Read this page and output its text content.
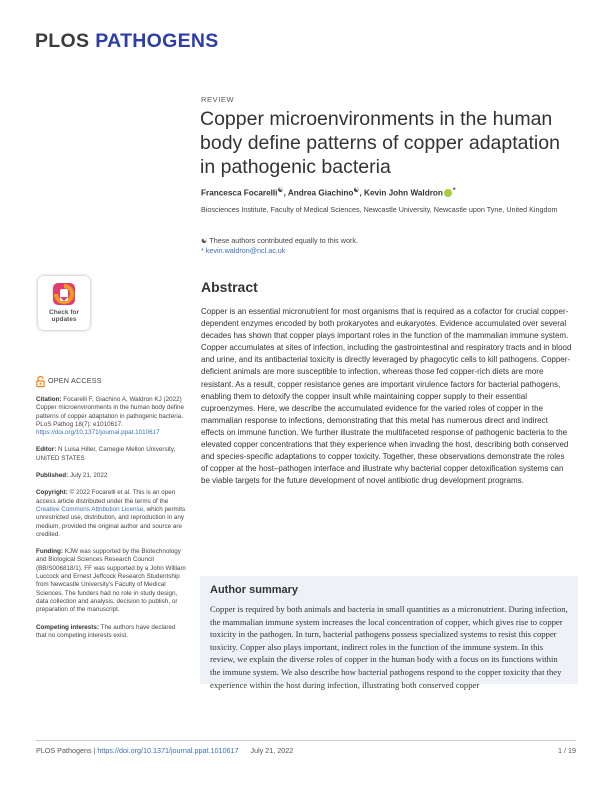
PLOS PATHOGENS
REVIEW
Copper microenvironments in the human body define patterns of copper adaptation in pathogenic bacteria
Francesca Focarelli☯, Andrea Giachino☯, Kevin John Waldron *
Biosciences Institute, Faculty of Medical Sciences, Newcastle University, Newcastle upon Tyne, United Kingdom
☯ These authors contributed equally to this work.
* kevin.waldron@ncl.ac.uk
Check for
updates
OPEN ACCESS
Citation: Focarelli F, Giachino A, Waldron KJ (2022) Copper microenvironments in the human body define patterns of copper adaptation in pathogenic bacteria. PLoS Pathog 18(7): e1010617. https://doi.org/10.1371/journal.ppat.1010617
Editor: N Luisa Hiller, Carnegie Mellon University, UNITED STATES
Published: July 21, 2022
Copyright: © 2022 Focarelli et al. This is an open access article distributed under the terms of the Creative Commons Attribution License, which permits unrestricted use, distribution, and reproduction in any medium, provided the original author and source are credited.
Funding: KJW was supported by the Biotechnology and Biological Sciences Research Council (BB/S006818/1). FF was supported by a John William Luccock and Ernest Jeffcock Research Studentship from Newcastle University's Faculty of Medical Sciences. The funders had no role in study design, data collection and analysis, decision to publish, or preparation of the manuscript.
Competing interests: The authors have declared that no competing interests exist.
Abstract

Copper is an essential micronutrient for most organisms that is required as a cofactor for crucial copper-dependent enzymes encoded by both prokaryotes and eukaryotes. Evidence accumulated over several decades has shown that copper plays important roles in the function of the mammalian immune system. Copper accumulates at sites of infection, including the gastrointestinal and respiratory tracts and in blood and urine, and its antibacterial toxicity is directly leveraged by phagocytic cells to kill pathogens. Copper-deficient animals are more susceptible to infection, whereas those fed copper-rich diets are more resistant. As a result, copper resistance genes are important virulence factors for bacterial pathogens, enabling them to detoxify the copper insult while maintaining copper supply to their essential cuproenzymes. Here, we describe the accumulated evidence for the varied roles of copper in the mammalian response to infections, demonstrating that this metal has numerous direct and indirect effects on immune function. We further illustrate the multifaceted response of pathogenic bacteria to the elevated copper concentrations that they experience when invading the host, describing both conserved and species-specific adaptations to copper toxicity. Together, these observations demonstrate the roles of copper at the host–pathogen interface and illustrate why bacterial copper detoxification systems can be viable targets for the future development of novel antibiotic drug development programs.

Author summary

Copper is required by both animals and bacteria in small quantities as a micronutrient. During infection, the mammalian immune system increases the local concentration of copper, which gives rise to copper toxicity in the pathogen. In turn, bacterial pathogens possess specialized systems to resist this copper toxicity. Copper also plays important, indirect roles in the function of the immune system. In this review, we explain the diverse roles of copper in the human body with a focus on its functions within the immune system. We also describe how bacterial pathogens respond to the copper toxicity that they experience within the host during infection, illustrating both conserved copper

PLOS Pathogens | https://doi.org/10.1371/journal.ppat.1010617 July 21, 2022	1 / 19
